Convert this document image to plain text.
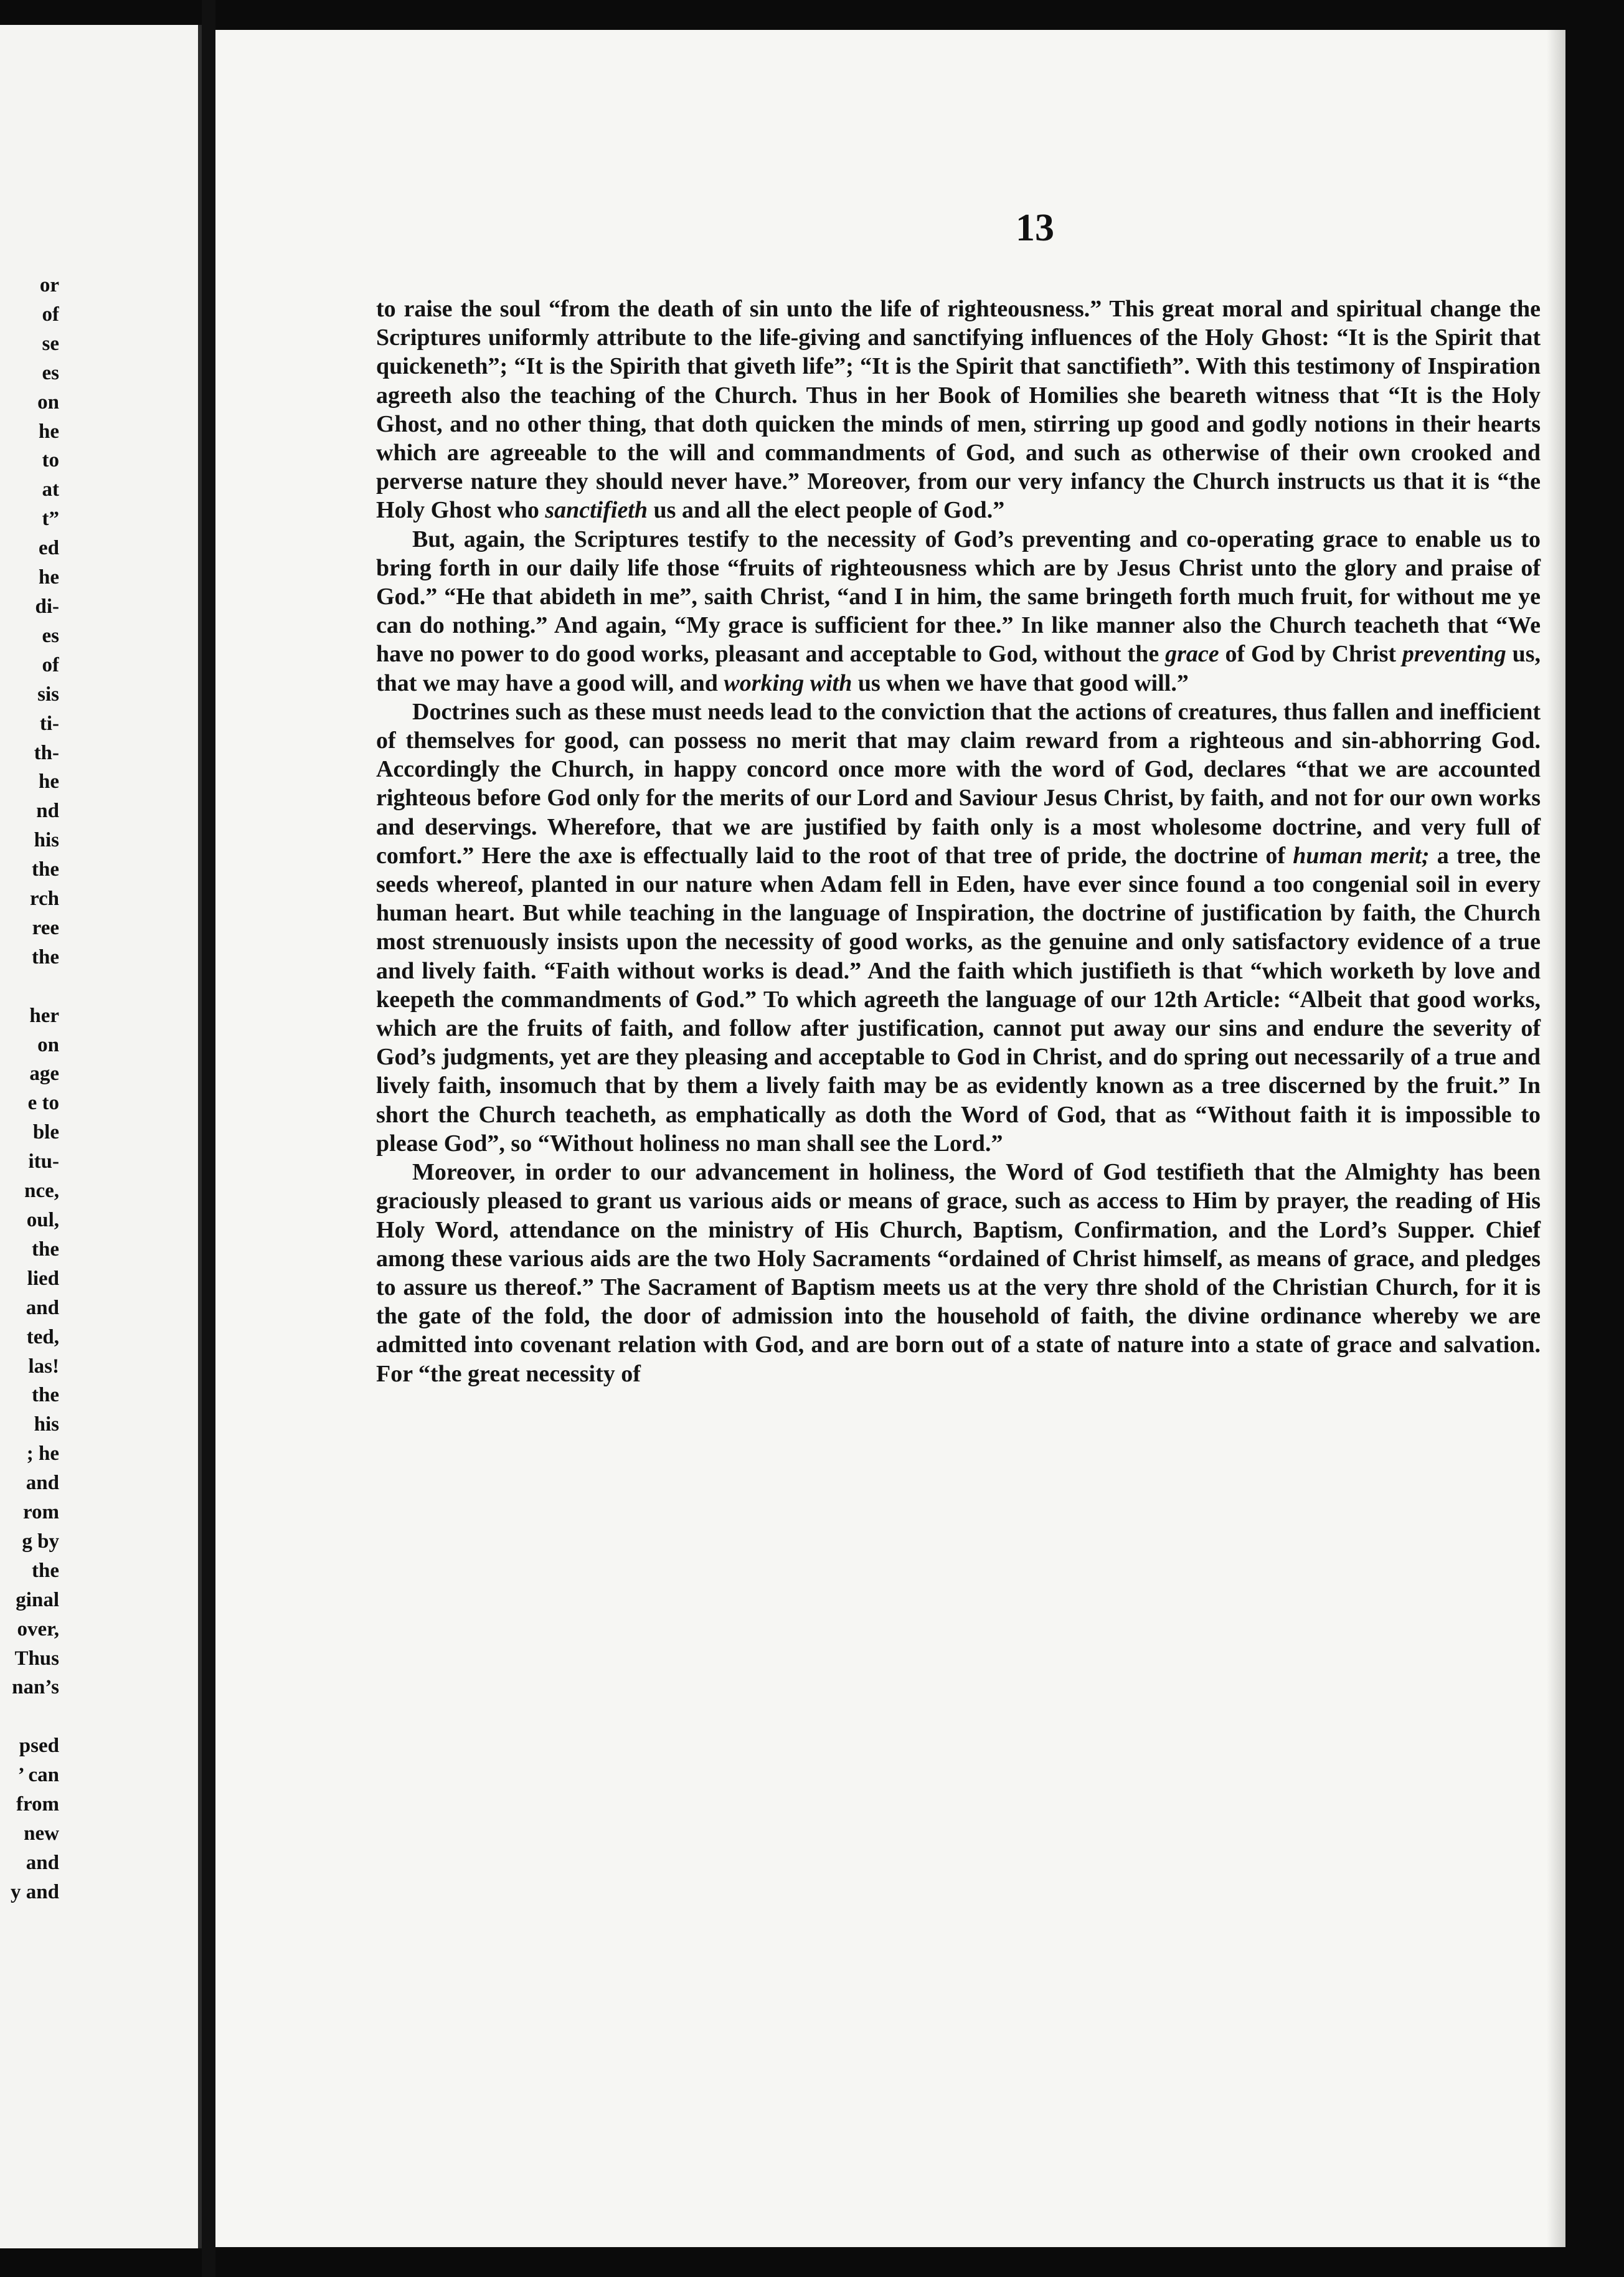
or
of
se
es
on
he
to
at
t”
ed
he
di-
es
of
sis
ti-
th-
he
nd
his
the
rch
ree
the
her
on
age
e to
ble
itu-
nce,
oul,
the
lied
and
ted,
las!
the
his
; he
and
rom
g by
the
ginal
over,
Thus
nan’s
psed
’ can
from
new
and
y and
13

to raise the soul “from the death of sin unto the life of righteousness.” This great moral and spiritual change the Scriptures uniformly attribute to the life-giving and sanctifying influences of the Holy Ghost: “It is the Spirit that quickeneth”; “It is the Spirith that giveth life”; “It is the Spirit that sanctifieth”. With this testimony of Inspiration agreeth also the teaching of the Church. Thus in her Book of Homilies she beareth witness that “It is the Holy Ghost, and no other thing, that doth quicken the minds of men, stirring up good and godly notions in their hearts which are agreeable to the will and commandments of God, and such as otherwise of their own crooked and perverse nature they should never have.” Moreover, from our very infancy the Church instructs us that it is “the Holy Ghost who sanctifieth us and all the elect people of God.”

But, again, the Scriptures testify to the necessity of God’s preventing and co-operating grace to enable us to bring forth in our daily life those “fruits of righteousness which are by Jesus Christ unto the glory and praise of God.” “He that abideth in me”, saith Christ, “and I in him, the same bringeth forth much fruit, for without me ye can do nothing.” And again, “My grace is sufficient for thee.” In like manner also the Church teacheth that “We have no power to do good works, pleasant and acceptable to God, without the grace of God by Christ preventing us, that we may have a good will, and working with us when we have that good will.”

Doctrines such as these must needs lead to the conviction that the actions of creatures, thus fallen and inefficient of themselves for good, can possess no merit that may claim reward from a righteous and sin-abhorring God. Accordingly the Church, in happy concord once more with the word of God, declares “that we are accounted righteous before God only for the merits of our Lord and Saviour Jesus Christ, by faith, and not for our own works and deservings. Wherefore, that we are justified by faith only is a most wholesome doctrine, and very full of comfort.” Here the axe is effectually laid to the root of that tree of pride, the doctrine of human merit; a tree, the seeds whereof, planted in our nature when Adam fell in Eden, have ever since found a too congenial soil in every human heart. But while teaching in the language of Inspiration, the doctrine of justification by faith, the Church most strenuously insists upon the necessity of good works, as the genuine and only satisfactory evidence of a true and lively faith. “Faith without works is dead.” And the faith which justifieth is that “which worketh by love and keepeth the commandments of God.” To which agreeth the language of our 12th Article: “Albeit that good works, which are the fruits of faith, and follow after justification, cannot put away our sins and endure the severity of God’s judgments, yet are they pleasing and acceptable to God in Christ, and do spring out necessarily of a true and lively faith, insomuch that by them a lively faith may be as evidently known as a tree discerned by the fruit.” In short the Church teacheth, as emphatically as doth the Word of God, that as “Without faith it is impossible to please God”, so “Without holiness no man shall see the Lord.”

Moreover, in order to our advancement in holiness, the Word of God testifieth that the Almighty has been graciously pleased to grant us various aids or means of grace, such as access to Him by prayer, the reading of His Holy Word, attendance on the ministry of His Church, Baptism, Confirmation, and the Lord’s Supper. Chief among these various aids are the two Holy Sacraments “ordained of Christ himself, as means of grace, and pledges to assure us thereof.” The Sacrament of Baptism meets us at the very thre shold of the Christian Church, for it is the gate of the fold, the door of admission into the household of faith, the divine ordinance whereby we are admitted into covenant relation with God, and are born out of a state of nature into a state of grace and salvation. For “the great necessity of
